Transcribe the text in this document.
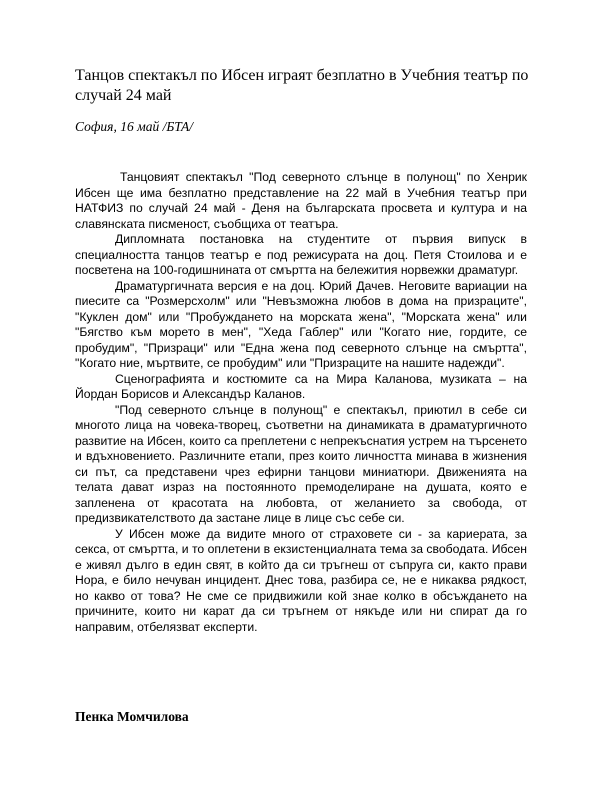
Танцов спектакъл по Ибсен играят безплатно в Учебния театър по случай 24 май
София, 16 май /БТА/

Танцовият спектакъл "Под северното слънце в полунощ" по Хенрик Ибсен ще има безплатно представление на 22 май в Учебния театър при НАТФИЗ по случай 24 май - Деня на българската просвета и култура и на славянската писменост, съобщиха от театъра.

Дипломната постановка на студентите от първия випуск в специалността танцов театър е под режисурата на доц. Петя Стоилова и е посветена на 100-годишнината от смъртта на бележития норвежки драматург.

Драматургичната версия е на доц. Юрий Дачев. Неговите вариации на пиесите са "Розмерсхолм" или "Невъзможна любов в дома на призраците", "Куклен дом" или "Пробуждането на морската жена", "Морската жена" или "Бягство към морето в мен", "Хеда Габлер" или "Когато ние, гордите, се пробудим", "Призраци" или "Една жена под северното слънце на смъртта", "Когато ние, мъртвите, се пробудим" или "Призраците на нашите надежди".

Сценографията и костюмите са на Мира Каланова, музиката – на Йордан Борисов и Александър Каланов.

"Под северното слънце в полунощ" е спектакъл, приютил в себе си многото лица на човека-творец, съответни на динамиката в драматургичното развитие на Ибсен, които са преплетени с непрекъснатия устрем на търсенето и вдъхновението. Различните етапи, през които личността минава в жизнения си път, са представени чрез ефирни танцови миниатюри. Движенията на телата дават израз на постоянното премоделиране на душата, която е запленена от красотата на любовта, от желанието за свобода, от предизвикателството да застане лице в лице със себе си.

У Ибсен може да видите много от страховете си - за кариерата, за секса, от смъртта, и то оплетени в екзистенциалната тема за свободата. Ибсен е живял дълго в един свят, в който да си тръгнеш от съпруга си, както прави Нора, е било нечуван инцидент. Днес това, разбира се, не е никаква рядкост, но какво от това? Не сме се придвижили кой знае колко в обсъждането на причините, които ни карат да си тръгнем от някъде или ни спират да го направим, отбелязват експерти.

Пенка Момчилова
